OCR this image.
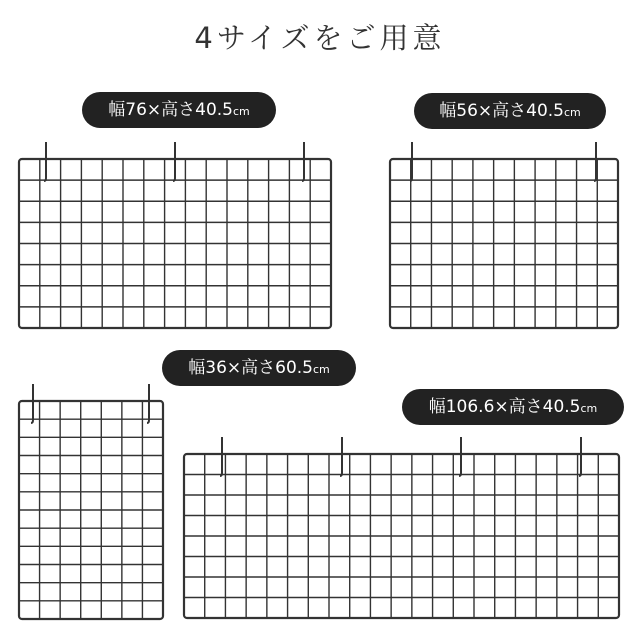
4サイズをご用意
幅76×高さ40.5cm	幅56×高さ40.5cm
幅36×高さ60.5cm
幅106.6×高さ40.5cm
